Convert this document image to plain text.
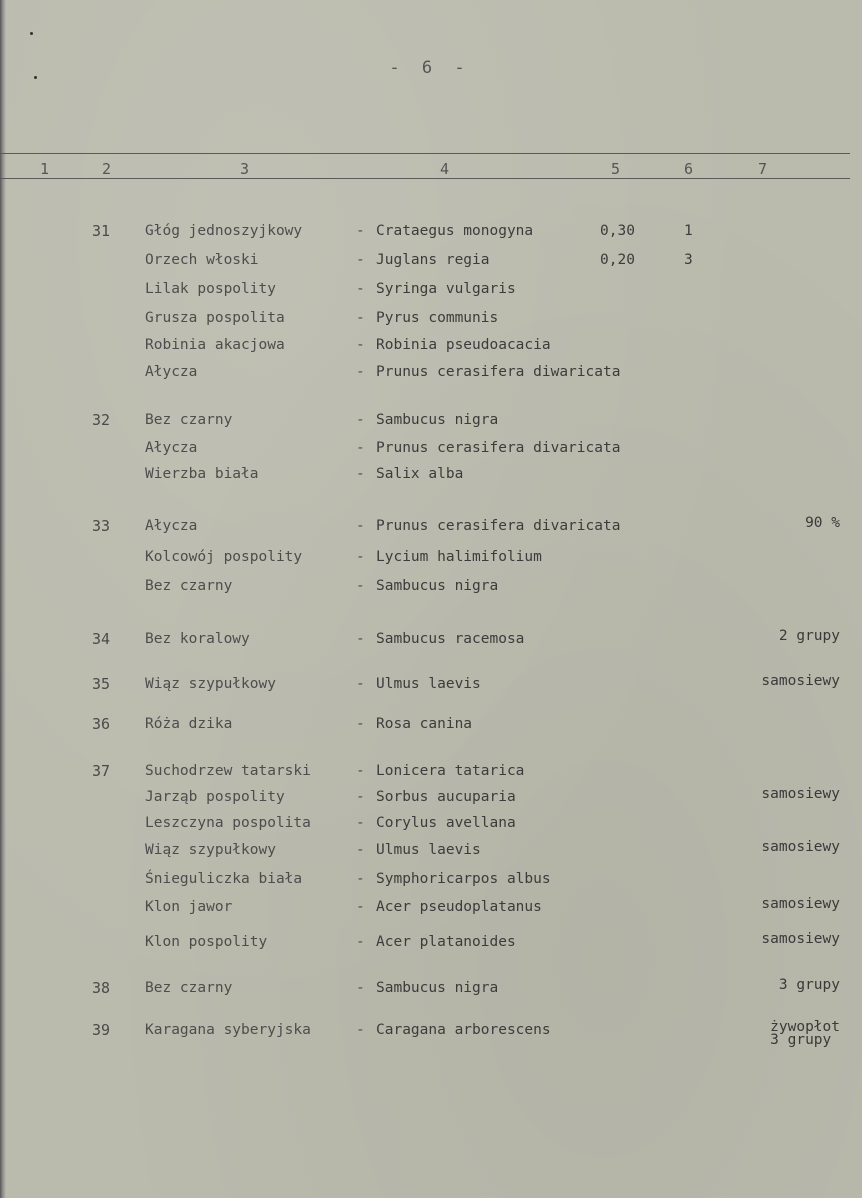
- 6 -
1	2	3	4	5	6	7
31 Głóg jednoszyjkowy	- Crataegus monogyna	0,30	1
Orzech włoski	- Juglans regia	0,20	3
Lilak pospolity	- Syringa vulgaris
Grusza pospolita	- Pyrus communis
Robinia akacjowa	- Robinia pseudoacacia
Ałycza	- Prunus cerasifera diwaricata
32 Bez czarny	- Sambucus nigra
Ałycza	- Prunus cerasifera divaricata
Wierzba biała	- Salix alba
33 Ałycza	- Prunus cerasifera divaricata	90 %
Kolcowój pospolity	- Lycium halimifolium
Bez czarny	- Sambucus nigra
34 Bez koralowy	- Sambucus racemosa	2 grupy
35 Wiąz szypułkowy	- Ulmus laevis	samosiewy
36 Róża dzika	- Rosa canina
37 Suchodrzew tatarski	- Lonicera tatarica
Jarząb pospolity	- Sorbus aucuparia	samosiewy
Leszczyna pospolita	- Corylus avellana
Wiąz szypułkowy	- Ulmus laevis	samosiewy
Śnieguliczka biała	- Symphoricarpos albus
Klon jawor	- Acer pseudoplatanus	samosiewy
Klon pospolity	- Acer platanoides	samosiewy
38 Bez czarny	- Sambucus nigra	3 grupy
39 Karagana syberyjska	- Caragana arborescens	żywopłot
3 grupy
